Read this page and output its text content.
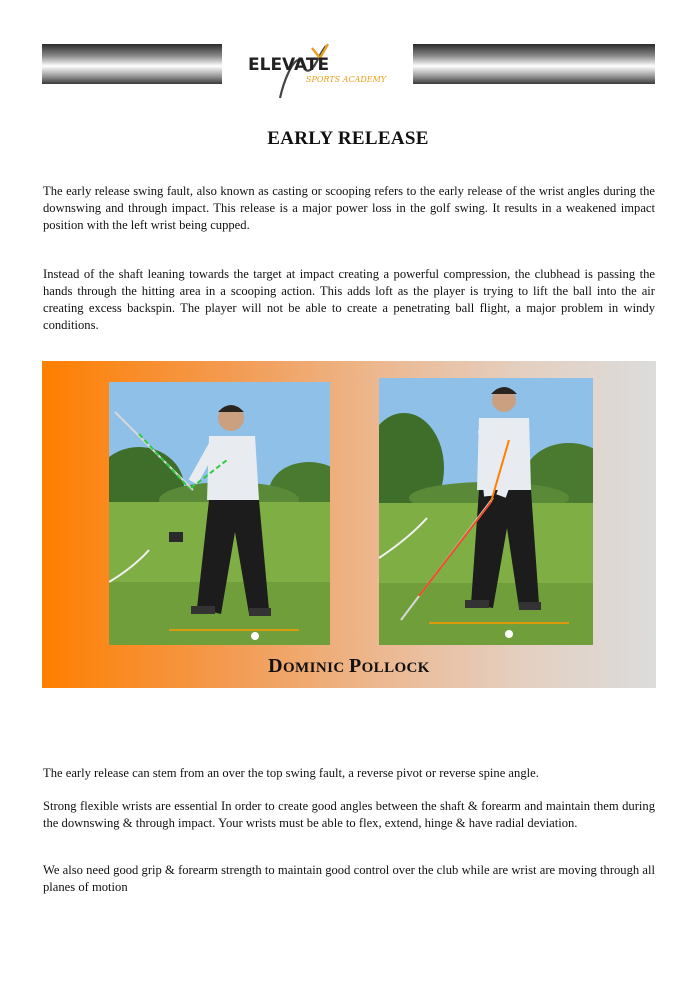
ELEVATE
SPORTS ACADEMY
EARLY RELEASE

The early release swing fault, also known as casting or scooping refers to the early release of the wrist angles during the downswing and through impact. This release is a major power loss in the golf swing. It results in a weakened impact position with the left wrist being cupped.

Instead of the shaft leaning towards the target at impact creating a powerful compression, the clubhead is passing the hands through the hitting area in a scooping action. This adds loft as the player is trying to lift the ball into the air creating excess backspin. The player will not be able to create a penetrating ball flight, a major problem in windy conditions.

DOMINIC POLLOCK

The early release can stem from an over the top swing fault, a reverse pivot or reverse spine angle.

Strong flexible wrists are essential In order to create good angles between the shaft & forearm and maintain them during the downswing & through impact. Your wrists must be able to flex, extend, hinge & have radial deviation.

We also need good grip & forearm strength to maintain good control over the club while are wrist are moving through all planes of motion
